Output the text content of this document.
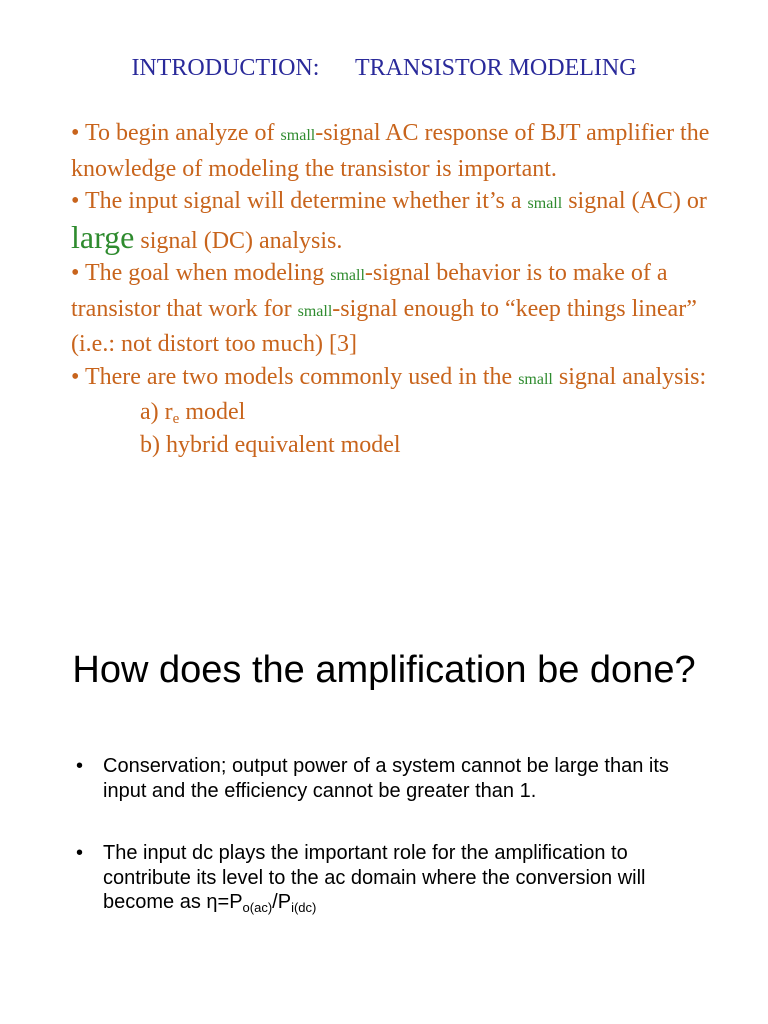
INTRODUCTION:      TRANSISTOR MODELING
• To begin analyze of small-signal AC response of BJT amplifier the knowledge of modeling the transistor is important.
• The input signal will determine whether it’s a small signal (AC) or large signal (DC) analysis.
• The goal when modeling small-signal behavior is to make of a transistor that work for small-signal enough to “keep things linear” (i.e.: not distort too much) [3]
• There are two models commonly used in the small signal analysis:
a) $r_e$ model
b) hybrid equivalent model
How does the amplification be done?
• Conservation; output power of a system cannot be large than its input and the efficiency cannot be greater than 1.
• The input dc plays the important role for the amplification to contribute its level to the ac domain where the conversion will become as $\eta=P_{o(ac)}/P_{i(dc)}$
